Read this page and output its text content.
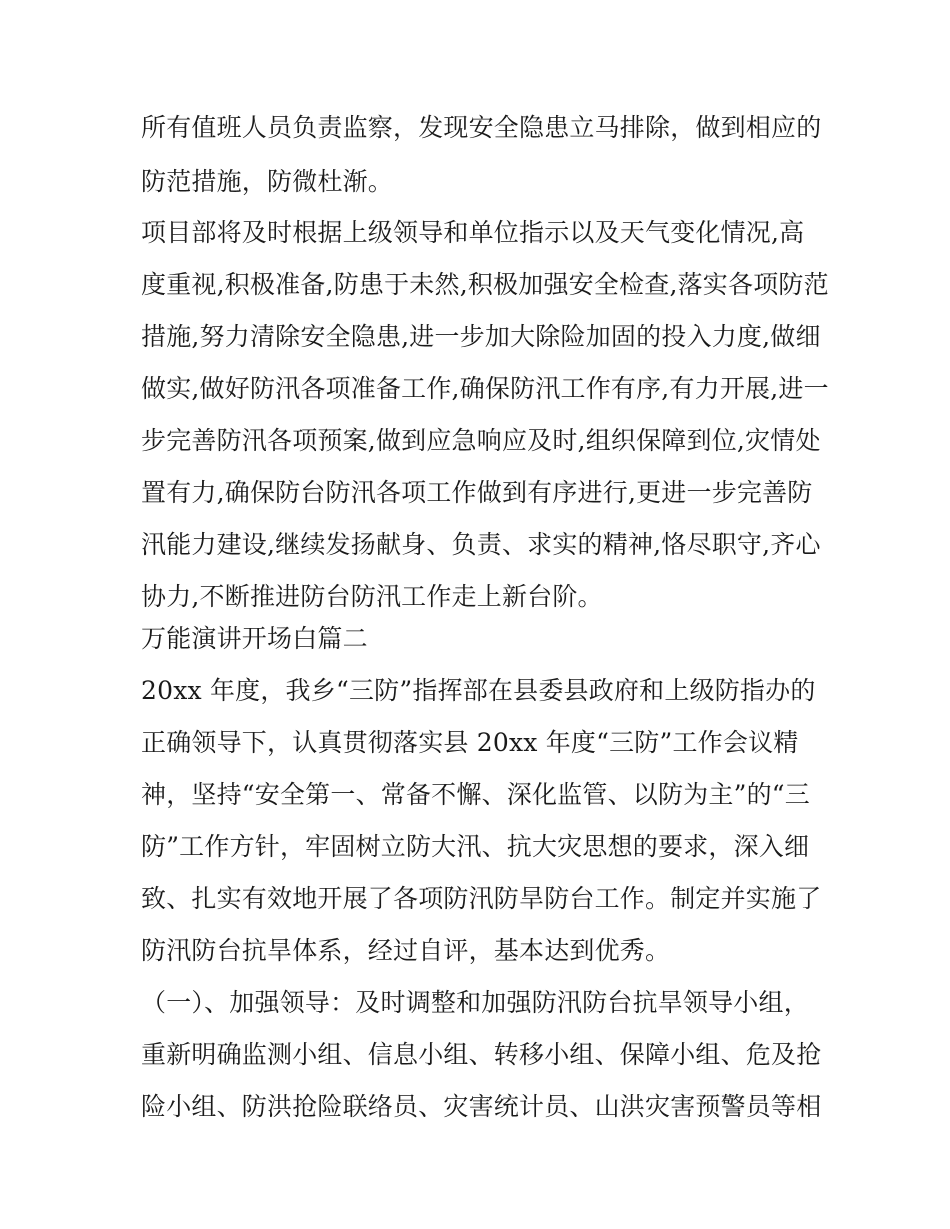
所有值班人员负责监察，发现安全隐患立马排除，做到相应的
防范措施，防微杜渐。
项目部将及时根据上级领导和单位指示以及天气变化情况,高
度重视,积极准备,防患于未然,积极加强安全检查,落实各项防范
措施,努力清除安全隐患,进一步加大除险加固的投入力度,做细
做实,做好防汛各项准备工作,确保防汛工作有序,有力开展,进一
步完善防汛各项预案,做到应急响应及时,组织保障到位,灾情处
置有力,确保防台防汛各项工作做到有序进行,更进一步完善防
汛能力建设,继续发扬献身、负责、求实的精神,恪尽职守,齐心
协力,不断推进防台防汛工作走上新台阶。
万能演讲开场白篇二
20xx 年度，我乡“三防”指挥部在县委县政府和上级防指办的
正确领导下，认真贯彻落实县 20xx 年度“三防”工作会议精
神，坚持“安全第一、常备不懈、深化监管、以防为主”的“三
防”工作方针，牢固树立防大汛、抗大灾思想的要求，深入细
致、扎实有效地开展了各项防汛防旱防台工作。制定并实施了
防汛防台抗旱体系，经过自评，基本达到优秀。
（一）、加强领导：及时调整和加强防汛防台抗旱领导小组，
重新明确监测小组、信息小组、转移小组、保障小组、危及抢
险小组、防洪抢险联络员、灾害统计员、山洪灾害预警员等相
